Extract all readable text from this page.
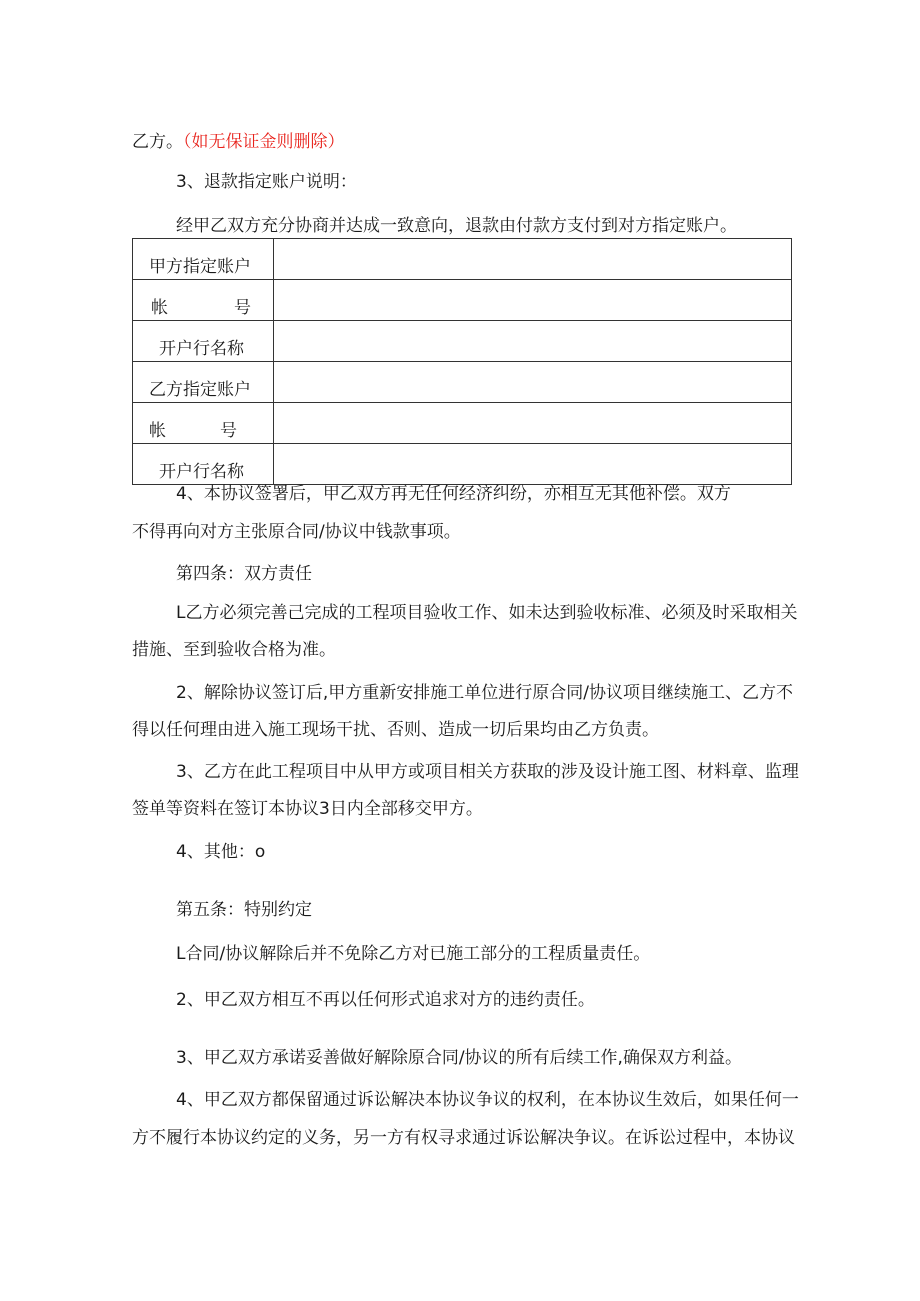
乙方。（如无保证金则删除）

3、退款指定账户说明：

经甲乙双方充分协商并达成一致意向，退款由付款方支付到对方指定账户。

甲方指定账户	

帐 号	

开户行名称	

乙方指定账户	

帐 号	

开户行名称	

4、本协议签署后，甲乙双方再无任何经济纠纷，亦相互无其他补偿。双方

不得再向对方主张原合同/协议中钱款事项。

第四条：双方责任

L乙方必须完善己完成的工程项目验收工作、如未达到验收标准、必须及时采取相关

措施、至到验收合格为准。

2、解除协议签订后,甲方重新安排施工单位进行原合同/协议项目继续施工、乙方不

得以任何理由进入施工现场干扰、否则、造成一切后果均由乙方负责。

3、乙方在此工程项目中从甲方或项目相关方获取的涉及设计施工图、材料章、监理

签单等资料在签订本协议3日内全部移交甲方。

4、其他：o

第五条：特别约定

L合同/协议解除后并不免除乙方对已施工部分的工程质量责任。

2、甲乙双方相互不再以任何形式追求对方的违约责任。

3、甲乙双方承诺妥善做好解除原合同/协议的所有后续工作,确保双方利益。

4、甲乙双方都保留通过诉讼解决本协议争议的权利，在本协议生效后，如果任何一

方不履行本协议约定的义务，另一方有权寻求通过诉讼解决争议。在诉讼过程中，本协议
